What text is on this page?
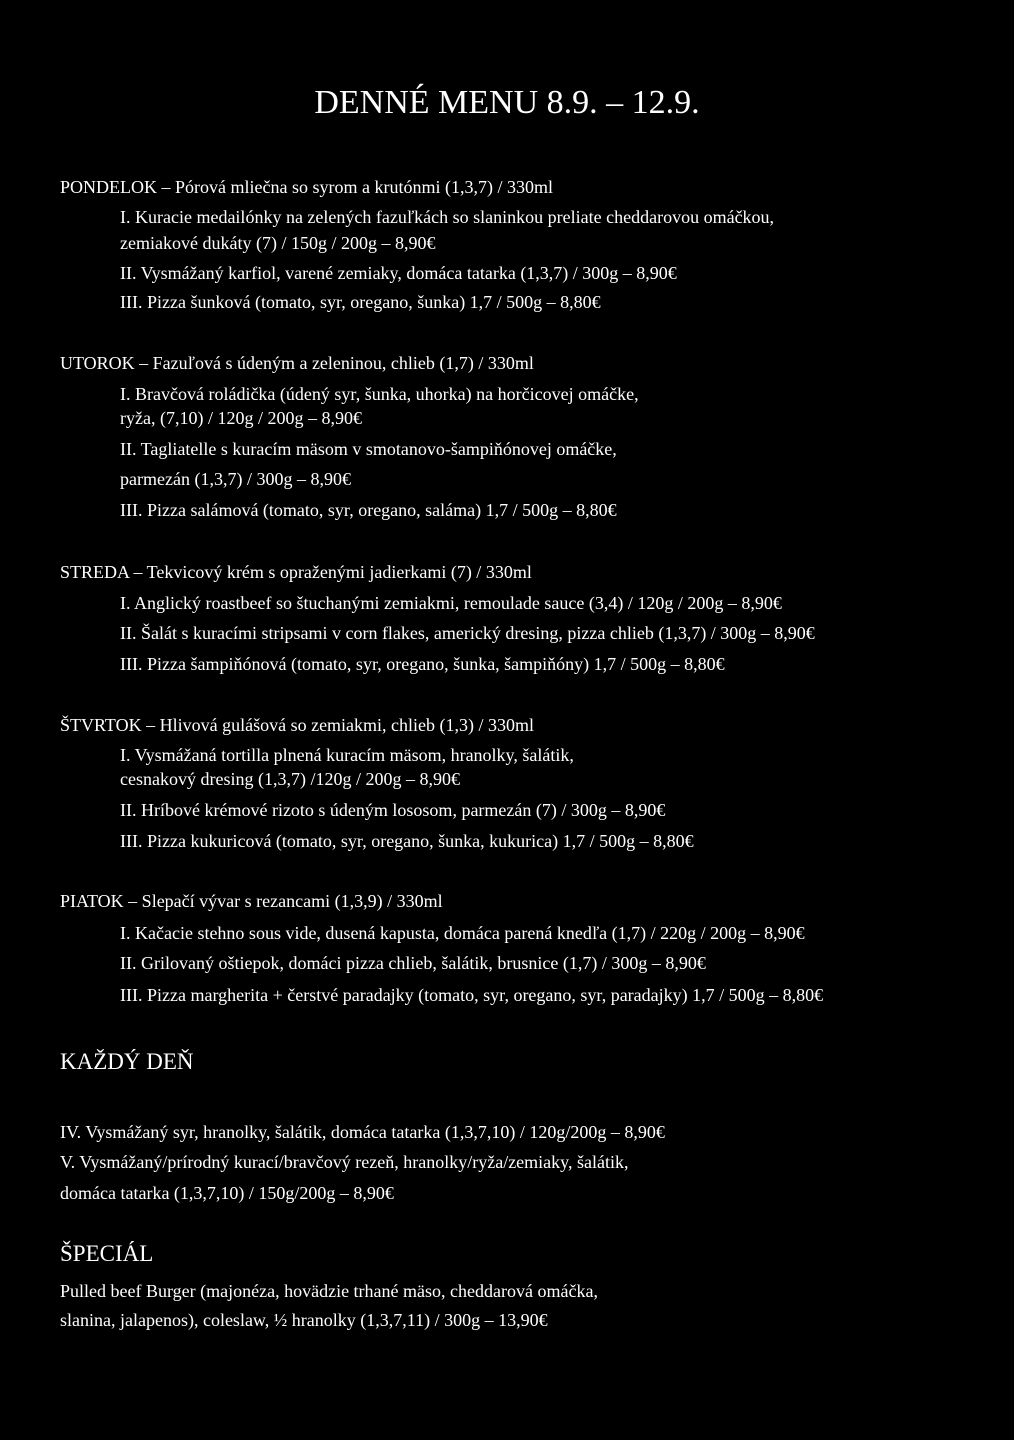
DENNÉ MENU 8.9. – 12.9.
PONDELOK – Pórová mliečna so syrom a krutónmi (1,3,7) / 330ml
I. Kuracie medailónky na zelených fazuľkách so slaninkou preliate cheddarovou omáčkou,
zemiakové dukáty (7) / 150g / 200g – 8,90€
II. Vysmážaný karfiol, varené zemiaky, domáca tatarka (1,3,7) / 300g – 8,90€
III. Pizza šunková (tomato, syr, oregano, šunka) 1,7 / 500g – 8,80€
UTOROK – Fazuľová s údeným a zeleninou, chlieb (1,7) / 330ml
I. Bravčová roládička (údený syr, šunka, uhorka) na horčicovej omáčke,
ryža, (7,10) / 120g / 200g – 8,90€
II. Tagliatelle s kuracím mäsom v smotanovo-šampiňónovej omáčke,
parmezán (1,3,7) / 300g – 8,90€
III. Pizza salámová (tomato, syr, oregano, saláma) 1,7 / 500g – 8,80€
STREDA – Tekvicový krém s opraženými jadierkami (7) / 330ml
I. Anglický roastbeef so štuchanými zemiakmi, remoulade sauce (3,4) / 120g / 200g – 8,90€
II. Šalát s kuracími stripsami v corn flakes, americký dresing, pizza chlieb (1,3,7) / 300g – 8,90€
III. Pizza šampiňónová (tomato, syr, oregano, šunka, šampiňóny) 1,7 / 500g – 8,80€
ŠTVRTOK – Hlivová gulášová so zemiakmi, chlieb (1,3) / 330ml
I. Vysmážaná tortilla plnená kuracím mäsom, hranolky, šalátik,
cesnakový dresing (1,3,7) /120g / 200g – 8,90€
II. Hríbové krémové rizoto s údeným lososom, parmezán (7) / 300g – 8,90€
III. Pizza kukuricová (tomato, syr, oregano, šunka, kukurica) 1,7 / 500g – 8,80€
PIATOK – Slepačí vývar s rezancami (1,3,9) / 330ml
I. Kačacie stehno sous vide, dusená kapusta, domáca parená knedľa (1,7) / 220g / 200g – 8,90€
II. Grilovaný oštiepok, domáci pizza chlieb, šalátik, brusnice (1,7) / 300g – 8,90€
III. Pizza margherita + čerstvé paradajky (tomato, syr, oregano, syr, paradajky) 1,7 / 500g – 8,80€
KAŽDÝ DEŇ
IV. Vysmážaný syr, hranolky, šalátik, domáca tatarka (1,3,7,10) / 120g/200g – 8,90€
V. Vysmážaný/prírodný kurací/bravčový rezeň, hranolky/ryža/zemiaky, šalátik,
domáca tatarka (1,3,7,10) / 150g/200g – 8,90€
ŠPECIÁL
Pulled beef Burger (majonéza, hovädzie trhané mäso, cheddarová omáčka,
slanina, jalapenos), coleslaw, ½ hranolky (1,3,7,11) / 300g – 13,90€
